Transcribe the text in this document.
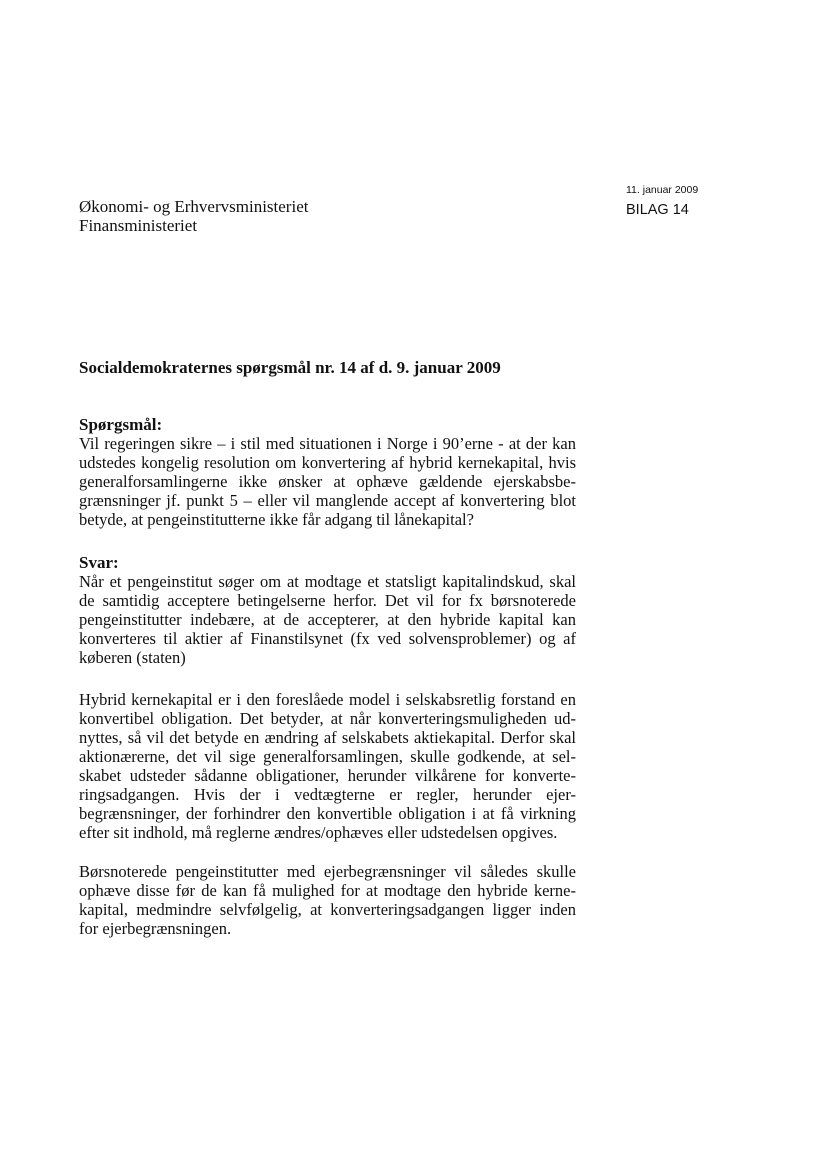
11. januar 2009
BILAG 14
Økonomi- og Erhvervsministeriet
Finansministeriet
Socialdemokraternes spørgsmål nr. 14 af d. 9. januar 2009
Spørgsmål:
Vil regeringen sikre – i stil med situationen i Norge i 90’erne - at der kan
udstedes kongelig resolution om konvertering af hybrid kernekapital, hvis
generalforsamlingerne ikke ønsker at ophæve gældende ejerskabsbe-
grænsninger jf. punkt 5 – eller vil manglende accept af konvertering blot
betyde, at pengeinstitutterne ikke får adgang til lånekapital?
Svar:
Når et pengeinstitut søger om at modtage et statsligt kapitalindskud, skal
de samtidig acceptere betingelserne herfor. Det vil for fx børsnoterede
pengeinstitutter indebære, at de accepterer, at den hybride kapital kan
konverteres til aktier af Finanstilsynet (fx ved solvensproblemer) og af
køberen (staten)
Hybrid kernekapital er i den foreslåede model i selskabsretlig forstand en
konvertibel obligation. Det betyder, at når konverteringsmuligheden ud-
nyttes, så vil det betyde en ændring af selskabets aktiekapital. Derfor skal
aktionærerne, det vil sige generalforsamlingen, skulle godkende, at sel-
skabet udsteder sådanne obligationer, herunder vilkårene for konverte-
ringsadgangen. Hvis der i vedtægterne er regler, herunder ejer-
begrænsninger, der forhindrer den konvertible obligation i at få virkning
efter sit indhold, må reglerne ændres/ophæves eller udstedelsen opgives.
Børsnoterede pengeinstitutter med ejerbegrænsninger vil således skulle
ophæve disse før de kan få mulighed for at modtage den hybride kerne-
kapital, medmindre selvfølgelig, at konverteringsadgangen ligger inden
for ejerbegrænsningen.
